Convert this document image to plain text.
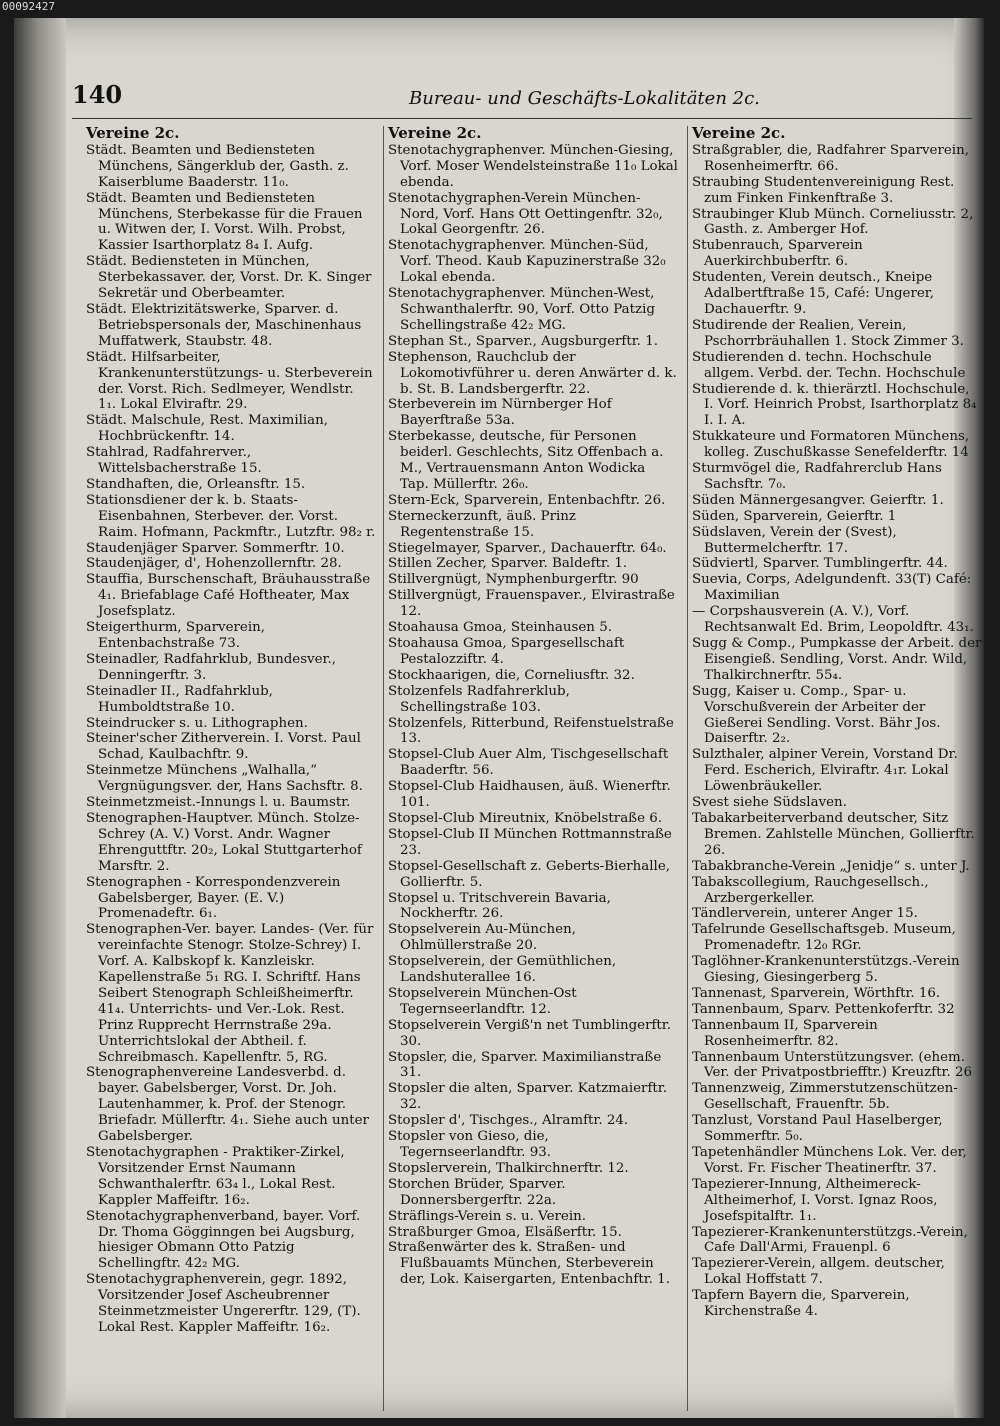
140	Bureau- und Geschäfts-Lokalitäten 2c.
Vereine 2c.
Städt. Beamten und Bediensteten Münchens, Sängerklub der, Gasth. z. Kaiserblume Baaderstr. 11₀.
Städt. Beamten und Bediensteten Münchens, Sterbekasse für die Frauen u. Witwen der, I. Vorst. Wilh. Probst, Kassier Isarthorplatz 8₄ I. Aufg.
Städt. Bediensteten in München, Sterbekassaver. der, Vorst. Dr. K. Singer Sekretär und Oberbeamter.
Städt. Elektrizitätswerke, Sparver. d. Betriebspersonals der, Maschinenhaus Muffatwerk, Staubstr. 48.
Städt. Hilfsarbeiter, Krankenunterstützungs- u. Sterbeverein der. Vorst. Rich. Sedlmeyer, Wendlstr. 1₁. Lokal Elviraftr. 29.
Städt. Malschule, Rest. Maximilian, Hochbrückenftr. 14.
Stahlrad, Radfahrerver., Wittelsbacherstraße 15.
Standhaften, die, Orleansftr. 15.
Stationsdiener der k. b. Staats-Eisenbahnen, Sterbever. der. Vorst. Raim. Hofmann, Packmftr., Lutzftr. 98₂ r.
Staudenjäger Sparver. Sommerftr. 10.
Staudenjäger, d', Hohenzollernftr. 28.
Stauffia, Burschenschaft, Bräuhausstraße 4₁. Briefablage Café Hoftheater, Max Josefsplatz.
Steigerthurm, Sparverein, Entenbachstraße 73.
Steinadler, Radfahrklub, Bundesver., Denningerftr. 3.
Steinadler II., Radfahrklub, Humboldtstraße 10.
Steindrucker s. u. Lithographen.
Steiner'scher Zitherverein. I. Vorst. Paul Schad, Kaulbachftr. 9.
Steinmetze Münchens „Walhalla,“ Vergnügungsver. der, Hans Sachsftr. 8.
Steinmetzmeist.-Innungs l. u. Baumstr.
Stenographen-Hauptver. Münch. Stolze-Schrey (A. V.) Vorst. Andr. Wagner Ehrenguttftr. 20₂, Lokal Stuttgarterhof Marsftr. 2.
Stenographen - Korrespondenzverein Gabelsberger, Bayer. (E. V.) Promenadeftr. 6₁.
Stenographen-Ver. bayer. Landes- (Ver. für vereinfachte Stenogr. Stolze-Schrey) I. Vorf. A. Kalbskopf k. Kanzleiskr. Kapellenstraße 5₁ RG. I. Schriftf. Hans Seibert Stenograph Schleißheimerftr. 41₄. Unterrichts- und Ver.-Lok. Rest. Prinz Rupprecht Herrnstraße 29a. Unterrichtslokal der Abtheil. f. Schreibmasch. Kapellenftr. 5, RG.
Stenographenvereine Landesverbd. d. bayer. Gabelsberger, Vorst. Dr. Joh. Lautenhammer, k. Prof. der Stenogr. Briefadr. Müllerftr. 4₁. Siehe auch unter Gabelsberger.
Stenotachygraphen - Praktiker-Zirkel, Vorsitzender Ernst Naumann Schwanthalerftr. 63₄ l., Lokal Rest. Kappler Maffeiftr. 16₂.
Stenotachygraphenverband, bayer. Vorf. Dr. Thoma Gögginngen bei Augsburg, hiesiger Obmann Otto Patzig Schellingftr. 42₂ MG.
Stenotachygraphenverein, gegr. 1892, Vorsitzender Josef Ascheubrenner Steinmetzmeister Ungererftr. 129, (T). Lokal Rest. Kappler Maffeiftr. 16₂.
Vereine 2c.
Stenotachygraphenver. München-Giesing, Vorf. Moser Wendelsteinstraße 11₀ Lokal ebenda.
Stenotachygraphen-Verein München-Nord, Vorf. Hans Ott Oettingenftr. 32₀, Lokal Georgenftr. 26.
Stenotachygraphenver. München-Süd, Vorf. Theod. Kaub Kapuzinerstraße 32₀ Lokal ebenda.
Stenotachygraphenver. München-West, Schwanthalerftr. 90, Vorf. Otto Patzig Schellingstraße 42₂ MG.
Stephan St., Sparver., Augsburgerftr. 1.
Stephenson, Rauchclub der Lokomotivführer u. deren Anwärter d. k. b. St. B. Landsbergerftr. 22.
Sterbeverein im Nürnberger Hof Bayerftraße 53a.
Sterbekasse, deutsche, für Personen beiderl. Geschlechts, Sitz Offenbach a. M., Vertrauensmann Anton Wodicka Tap. Müllerftr. 26₀.
Stern-Eck, Sparverein, Entenbachftr. 26.
Sterneckerzunft, äuß. Prinz Regentenstraße 15.
Stiegelmayer, Sparver., Dachauerftr. 64₀.
Stillen Zecher, Sparver. Baldeftr. 1.
Stillvergnügt, Nymphenburgerftr. 90
Stillvergnügt, Frauenspaver., Elvirastraße 12.
Stoahausa Gmoa, Steinhausen 5.
Stoahausa Gmoa, Spargesellschaft Pestalozziftr. 4.
Stockhaarigen, die, Corneliusftr. 32.
Stolzenfels Radfahrerklub, Schellingstraße 103.
Stolzenfels, Ritterbund, Reifenstuelstraße 13.
Stopsel-Club Auer Alm, Tischgesellschaft Baaderftr. 56.
Stopsel-Club Haidhausen, äuß. Wienerftr. 101.
Stopsel-Club Mireutnix, Knöbelstraße 6.
Stopsel-Club II München Rottmannstraße 23.
Stopsel-Gesellschaft z. Geberts-Bierhalle, Gollierftr. 5.
Stopsel u. Tritschverein Bavaria, Nockherftr. 26.
Stopselverein Au-München, Ohlmüllerstraße 20.
Stopselverein, der Gemüthlichen, Landshuterallee 16.
Stopselverein München-Ost Tegernseerlandftr. 12.
Stopselverein Vergiß'n net Tumblingerftr. 30.
Stopsler, die, Sparver. Maximilianstraße 31.
Stopsler die alten, Sparver. Katzmaierftr. 32.
Stopsler d', Tischges., Alramftr. 24.
Stopsler von Gieso, die, Tegernseerlandftr. 93.
Stopslerverein, Thalkirchnerftr. 12.
Storchen Brüder, Sparver. Donnersbergerftr. 22a.
Sträflings-Verein s. u. Verein.
Straßburger Gmoa, Elsäßerftr. 15.
Straßenwärter des k. Straßen- und Flußbauamts München, Sterbeverein der, Lok. Kaisergarten, Entenbachftr. 1.
Vereine 2c.
Straßgrabler, die, Radfahrer Sparverein, Rosenheimerftr. 66.
Straubing Studentenvereinigung Rest. zum Finken Finkenftraße 3.
Straubinger Klub Münch. Corneliusstr. 2, Gasth. z. Amberger Hof.
Stubenrauch, Sparverein Auerkirchbuberftr. 6.
Studenten, Verein deutsch., Kneipe Adalbertftraße 15, Café: Ungerer, Dachauerftr. 9.
Studirende der Realien, Verein, Pschorrbräuhallen 1. Stock Zimmer 3.
Studierenden d. techn. Hochschule allgem. Verbd. der. Techn. Hochschule
Studierende d. k. thierärztl. Hochschule, I. Vorf. Heinrich Probst, Isarthorplatz 8₄ I. I. A.
Stukkateure und Formatoren Münchens, kolleg. Zuschußkasse Senefelderftr. 14
Sturmvögel die, Radfahrerclub Hans Sachsftr. 7₀.
Süden Männergesangver. Geierftr. 1.
Süden, Sparverein, Geierftr. 1
Südslaven, Verein der (Svest), Buttermelcherftr. 17.
Südviertl, Sparver. Tumblingerftr. 44.
Suevia, Corps, Adelgundenft. 33(T) Café: Maximilian
— Corpshausverein (A. V.), Vorf. Rechtsanwalt Ed. Brim, Leopoldftr. 43₁.
Sugg & Comp., Pumpkasse der Arbeit. der Eisengieß. Sendling, Vorst. Andr. Wild, Thalkirchnerftr. 55₄.
Sugg, Kaiser u. Comp., Spar- u. Vorschußverein der Arbeiter der Gießerei Sendling. Vorst. Bähr Jos. Daiserftr. 2₂.
Sulzthaler, alpiner Verein, Vorstand Dr. Ferd. Escherich, Elviraftr. 4₁r. Lokal Löwenbräukeller.
Svest siehe Südslaven.
Tabakarbeiterverband deutscher, Sitz Bremen. Zahlstelle München, Gollierftr. 26.
Tabakbranche-Verein „Jenidje“ s. unter J.
Tabakscollegium, Rauchgesellsch., Arzbergerkeller.
Tändlerverein, unterer Anger 15.
Tafelrunde Gesellschaftsgeb. Museum, Promenadeftr. 12₀ RGr.
Taglöhner-Krankenunterstützgs.-Verein Giesing, Giesingerberg 5.
Tannenast, Sparverein, Wörthftr. 16.
Tannenbaum, Sparv. Pettenkoferftr. 32
Tannenbaum II, Sparverein Rosenheimerftr. 82.
Tannenbaum Unterstützungsver. (ehem. Ver. der Privatpostbriefftr.) Kreuzftr. 26
Tannenzweig, Zimmerstutzenschützen-Gesellschaft, Frauenftr. 5b.
Tanzlust, Vorstand Paul Haselberger, Sommerftr. 5₀.
Tapetenhändler Münchens Lok. Ver. der, Vorst. Fr. Fischer Theatinerftr. 37.
Tapezierer-Innung, Altheimereck-Altheimerhof, I. Vorst. Ignaz Roos, Josefspitalftr. 1₁.
Tapezierer-Krankenunterstützgs.-Verein, Cafe Dall'Armi, Frauenpl. 6
Tapezierer-Verein, allgem. deutscher, Lokal Hoffstatt 7.
Tapfern Bayern die, Sparverein, Kirchenstraße 4.
00092427
